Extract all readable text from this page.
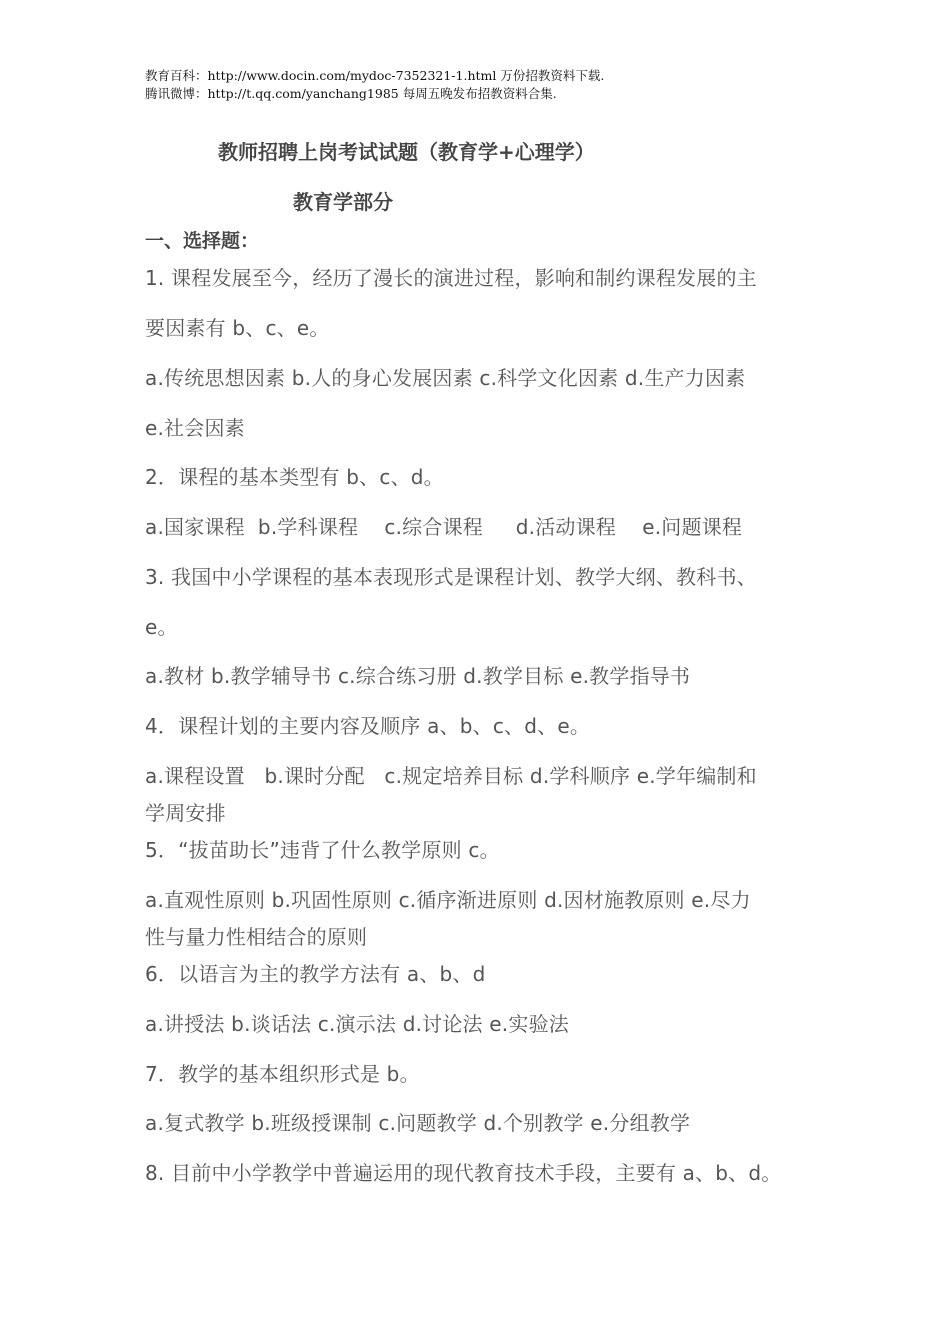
教育百科：http://www.docin.com/mydoc-7352321-1.html 万份招教资料下载.
腾讯微博：http://t.qq.com/yanchang1985 每周五晚发布招教资料合集.
教师招聘上岗考试试题（教育学+心理学）
教育学部分
一、选择题：
1. 课程发展至今，经历了漫长的演进过程，影响和制约课程发展的主
要因素有 b、c、e。
a.传统思想因素 b.人的身心发展因素 c.科学文化因素 d.生产力因素
e.社会因素
2．课程的基本类型有 b、c、d。
a.国家课程  b.学科课程    c.综合课程     d.活动课程    e.问题课程
3. 我国中小学课程的基本表现形式是课程计划、教学大纲、教科书、
e。
a.教材 b.教学辅导书 c.综合练习册 d.教学目标 e.教学指导书
4．课程计划的主要内容及顺序 a、b、c、d、e。
a.课程设置   b.课时分配   c.规定培养目标 d.学科顺序 e.学年编制和
学周安排
5．“拔苗助长”违背了什么教学原则 c。
a.直观性原则 b.巩固性原则 c.循序渐进原则 d.因材施教原则 e.尽力
性与量力性相结合的原则
6．以语言为主的教学方法有 a、b、d
a.讲授法 b.谈话法 c.演示法 d.讨论法 e.实验法
7．教学的基本组织形式是 b。
a.复式教学 b.班级授课制 c.问题教学 d.个别教学 e.分组教学
8. 目前中小学教学中普遍运用的现代教育技术手段，主要有 a、b、d。
